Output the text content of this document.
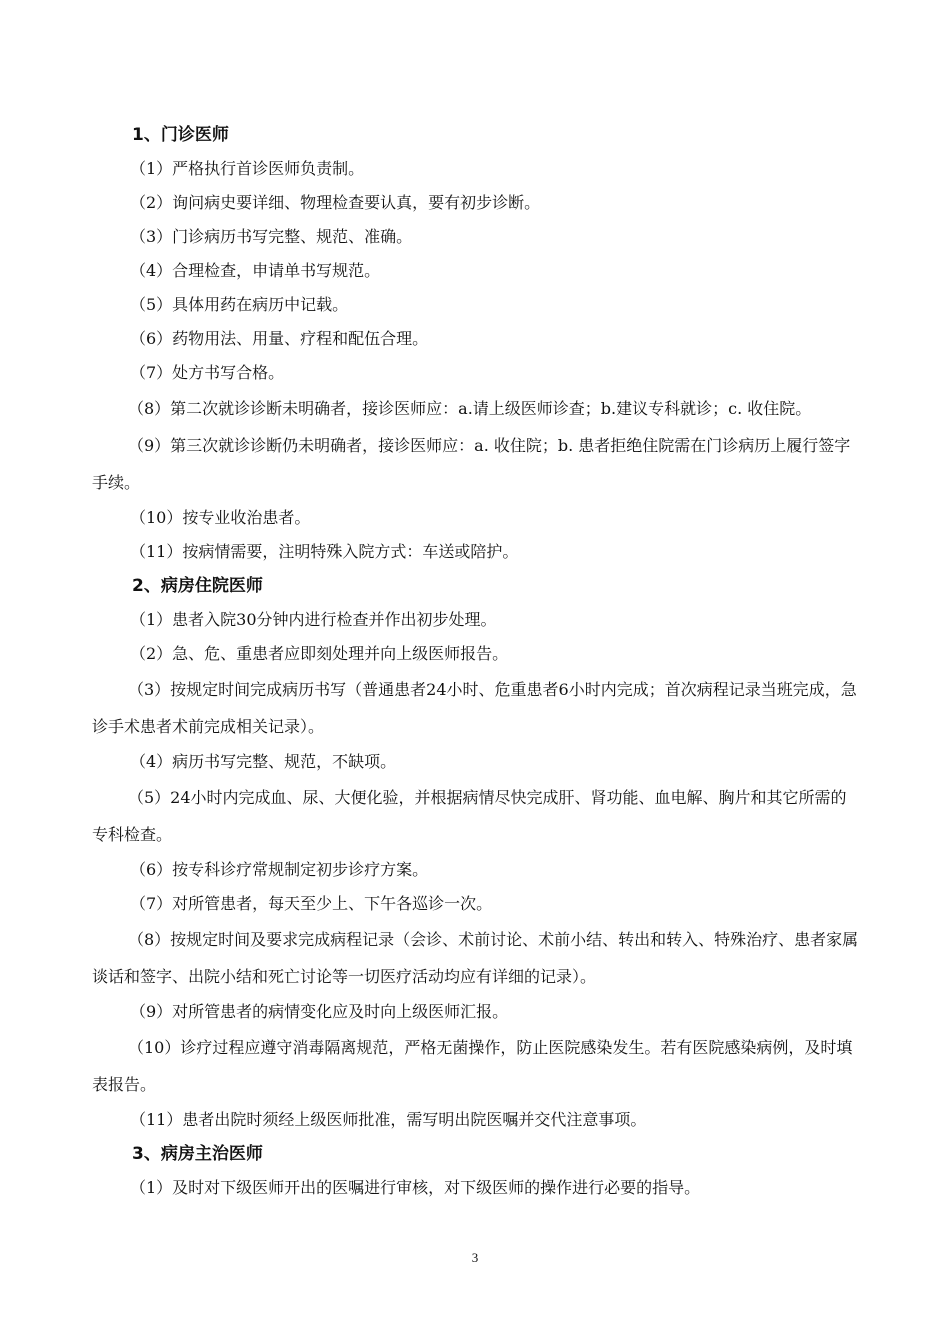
1、门诊医师

（1）严格执行首诊医师负责制。

（2）询问病史要详细、物理检查要认真，要有初步诊断。

（3）门诊病历书写完整、规范、准确。

（4）合理检查，申请单书写规范。

（5）具体用药在病历中记载。

（6）药物用法、用量、疗程和配伍合理。

（7）处方书写合格。

（8）第二次就诊诊断未明确者，接诊医师应：a.请上级医师诊查；b.建议专科就诊；c. 收住院。

（9）第三次就诊诊断仍未明确者，接诊医师应：a. 收住院；b. 患者拒绝住院需在门诊病历上履行签字手续。

（10）按专业收治患者。

（11）按病情需要，注明特殊入院方式：车送或陪护。

2、病房住院医师

（1）患者入院30分钟内进行检查并作出初步处理。

（2）急、危、重患者应即刻处理并向上级医师报告。

（3）按规定时间完成病历书写（普通患者24小时、危重患者6小时内完成；首次病程记录当班完成，急诊手术患者术前完成相关记录）。

（4）病历书写完整、规范，不缺项。

（5）24小时内完成血、尿、大便化验，并根据病情尽快完成肝、肾功能、血电解、胸片和其它所需的专科检查。

（6）按专科诊疗常规制定初步诊疗方案。

（7）对所管患者，每天至少上、下午各巡诊一次。

（8）按规定时间及要求完成病程记录（会诊、术前讨论、术前小结、转出和转入、特殊治疗、患者家属谈话和签字、出院小结和死亡讨论等一切医疗活动均应有详细的记录）。

（9）对所管患者的病情变化应及时向上级医师汇报。

（10）诊疗过程应遵守消毒隔离规范，严格无菌操作，防止医院感染发生。若有医院感染病例，及时填表报告。

（11）患者出院时须经上级医师批准，需写明出院医嘱并交代注意事项。

3、病房主治医师

（1）及时对下级医师开出的医嘱进行审核，对下级医师的操作进行必要的指导。

3
